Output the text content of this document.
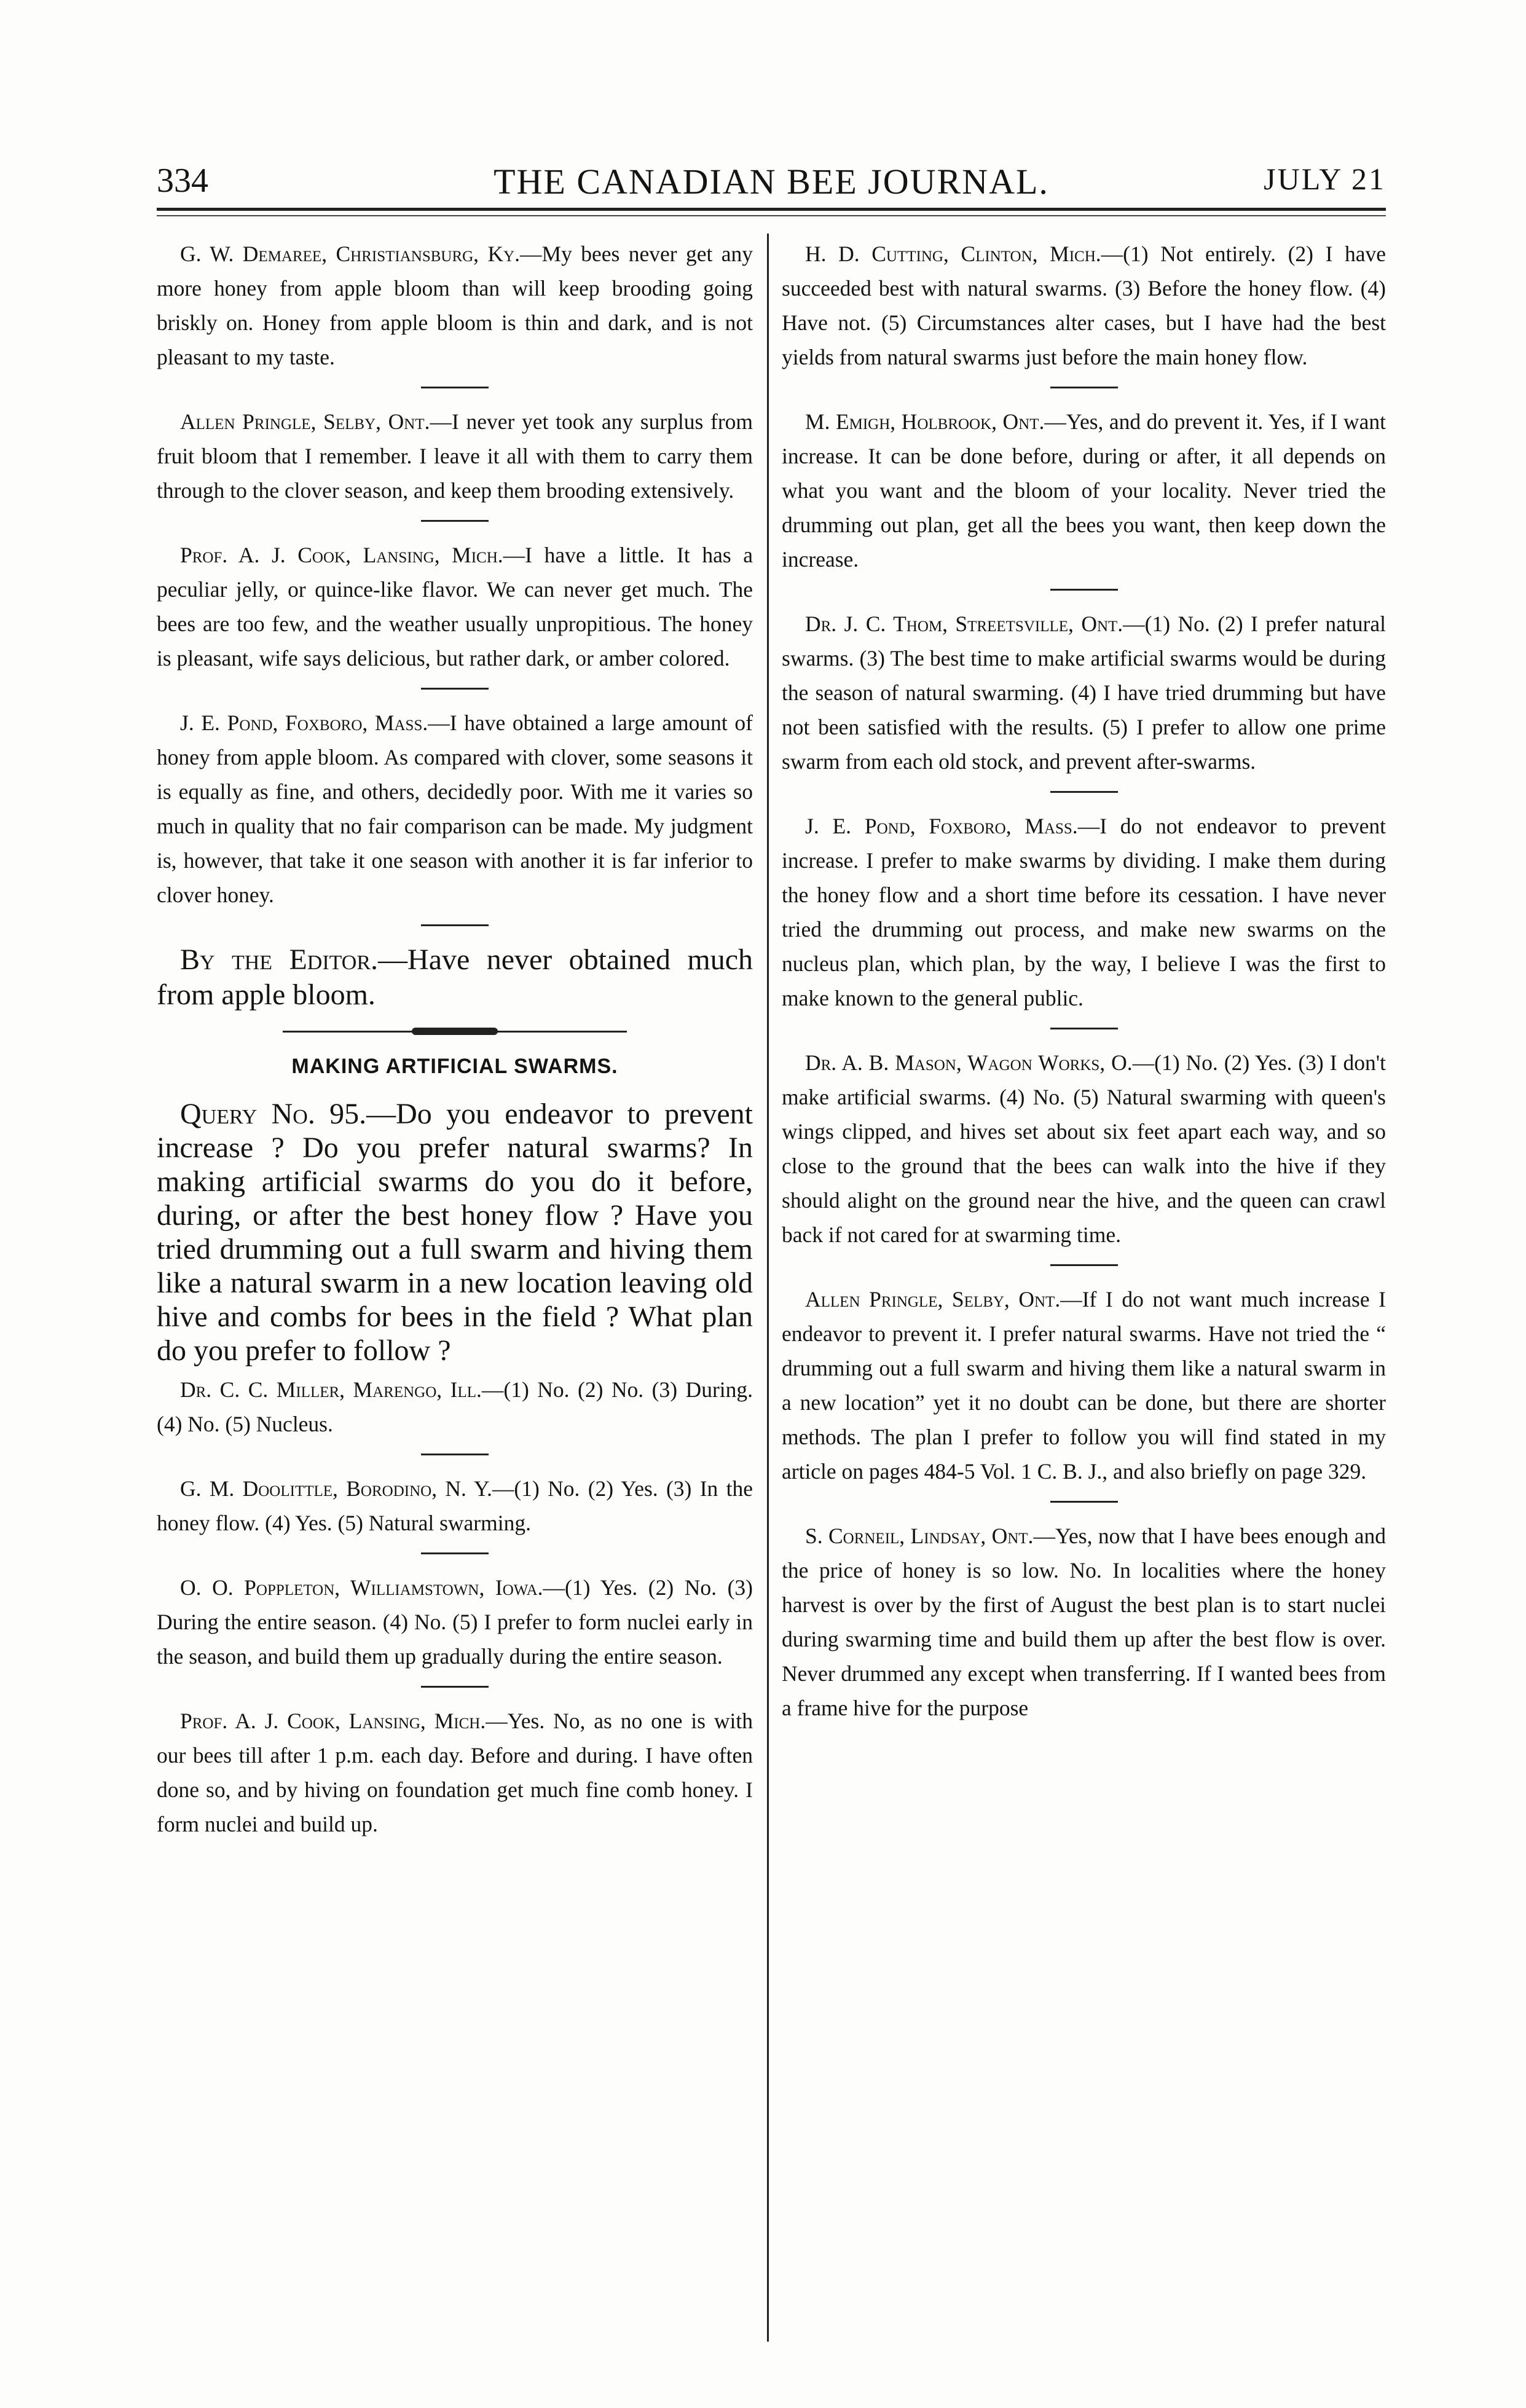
334	THE CANADIAN BEE JOURNAL.	JULY 21

G. W. Demaree, Christiansburg, Ky.—My bees never get any more honey from apple bloom than will keep brooding going briskly on. Honey from apple bloom is thin and dark, and is not pleasant to my taste.

Allen Pringle, Selby, Ont.—I never yet took any surplus from fruit bloom that I remember. I leave it all with them to carry them through to the clover season, and keep them brooding extensively.

Prof. A. J. Cook, Lansing, Mich.—I have a little. It has a peculiar jelly, or quince-like flavor. We can never get much. The bees are too few, and the weather usually unpropitious. The honey is pleasant, wife says delicious, but rather dark, or amber colored.

J. E. Pond, Foxboro, Mass.—I have obtained a large amount of honey from apple bloom. As compared with clover, some seasons it is equally as fine, and others, decidedly poor. With me it varies so much in quality that no fair comparison can be made. My judgment is, however, that take it one season with another it is far inferior to clover honey.

By the Editor.—Have never obtained much from apple bloom.

MAKING ARTIFICIAL SWARMS.

Query No. 95.—Do you endeavor to prevent increase ? Do you prefer natural swarms? In making artificial swarms do you do it before, during, or after the best honey flow ? Have you tried drumming out a full swarm and hiving them like a natural swarm in a new location leaving old hive and combs for bees in the field ? What plan do you prefer to follow ?

Dr. C. C. Miller, Marengo, Ill.—(1) No. (2) No. (3) During. (4) No. (5) Nucleus.

G. M. Doolittle, Borodino, N. Y.—(1) No. (2) Yes. (3) In the honey flow. (4) Yes. (5) Natural swarming.

O. O. Poppleton, Williamstown, Iowa.—(1) Yes. (2) No. (3) During the entire season. (4) No. (5) I prefer to form nuclei early in the season, and build them up gradually during the entire season.

Prof. A. J. Cook, Lansing, Mich.—Yes. No, as no one is with our bees till after 1 p.m. each day. Before and during. I have often done so, and by hiving on foundation get much fine comb honey. I form nuclei and build up.

H. D. Cutting, Clinton, Mich.—(1) Not entirely. (2) I have succeeded best with natural swarms. (3) Before the honey flow. (4) Have not. (5) Circumstances alter cases, but I have had the best yields from natural swarms just before the main honey flow.

M. Emigh, Holbrook, Ont.—Yes, and do prevent it. Yes, if I want increase. It can be done before, during or after, it all depends on what you want and the bloom of your locality. Never tried the drumming out plan, get all the bees you want, then keep down the increase.

Dr. J. C. Thom, Streetsville, Ont.—(1) No. (2) I prefer natural swarms. (3) The best time to make artificial swarms would be during the season of natural swarming. (4) I have tried drumming but have not been satisfied with the results. (5) I prefer to allow one prime swarm from each old stock, and prevent after-swarms.

J. E. Pond, Foxboro, Mass.—I do not endeavor to prevent increase. I prefer to make swarms by dividing. I make them during the honey flow and a short time before its cessation. I have never tried the drumming out process, and make new swarms on the nucleus plan, which plan, by the way, I believe I was the first to make known to the general public.

Dr. A. B. Mason, Wagon Works, O.—(1) No. (2) Yes. (3) I don't make artificial swarms. (4) No. (5) Natural swarming with queen's wings clipped, and hives set about six feet apart each way, and so close to the ground that the bees can walk into the hive if they should alight on the ground near the hive, and the queen can crawl back if not cared for at swarming time.

Allen Pringle, Selby, Ont.—If I do not want much increase I endeavor to prevent it. I prefer natural swarms. Have not tried the “ drumming out a full swarm and hiving them like a natural swarm in a new location” yet it no doubt can be done, but there are shorter methods. The plan I prefer to follow you will find stated in my article on pages 484-5 Vol. 1 C. B. J., and also briefly on page 329.

S. Corneil, Lindsay, Ont.—Yes, now that I have bees enough and the price of honey is so low. No. In localities where the honey harvest is over by the first of August the best plan is to start nuclei during swarming time and build them up after the best flow is over. Never drummed any except when transferring. If I wanted bees from a frame hive for the purpose
